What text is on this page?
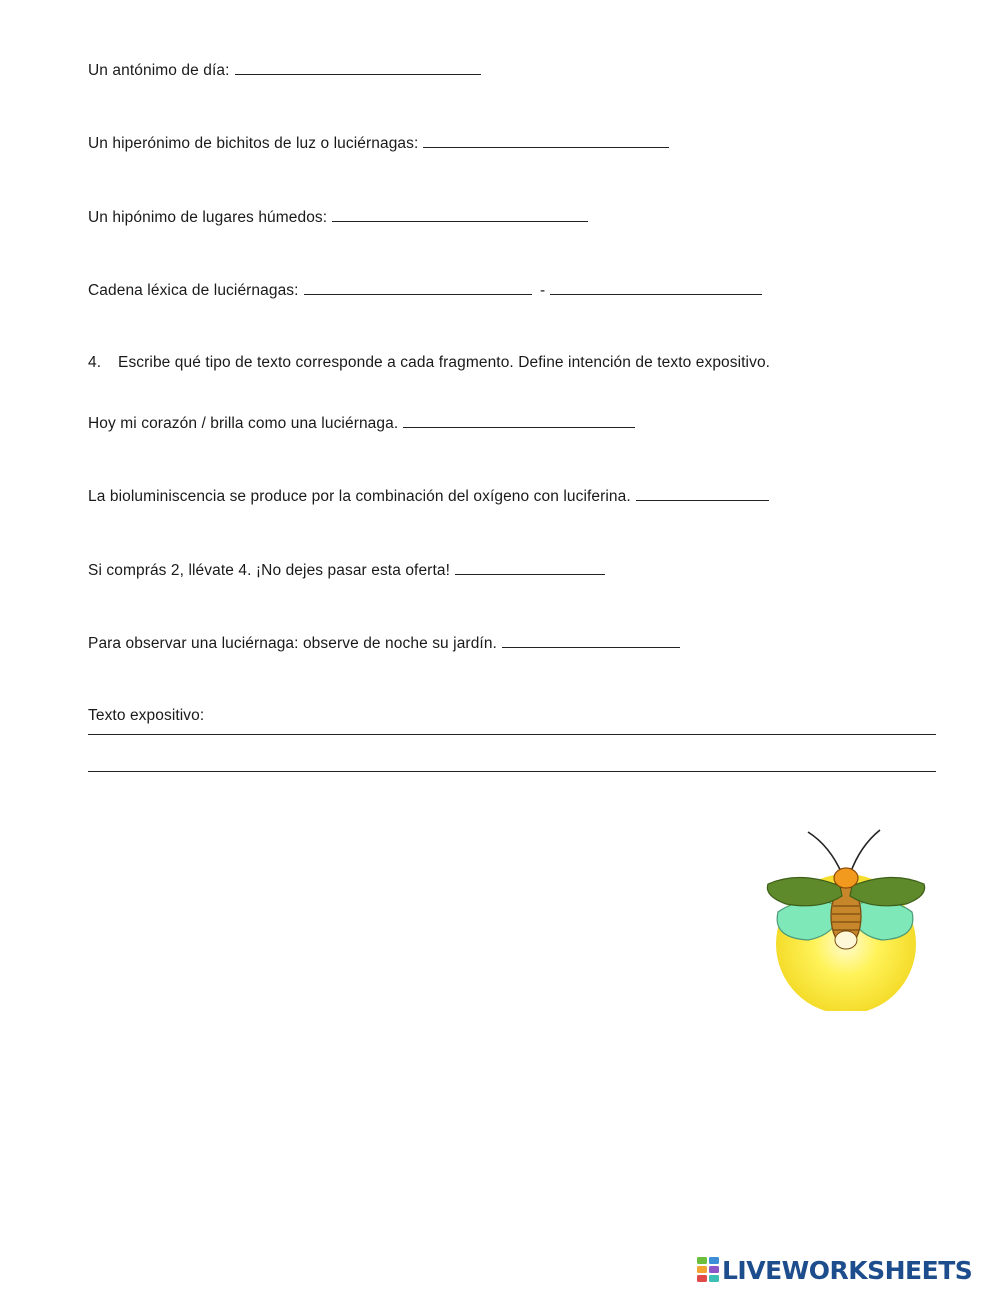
Un antónimo de día:
Un hiperónimo de bichitos de luz o luciérnagas:
Un hipónimo de lugares húmedos:
Cadena léxica de luciérnagas:	-
4. Escribe qué tipo de texto corresponde a cada fragmento. Define intención de texto expositivo.
Hoy mi corazón / brilla como una luciérnaga.
La bioluminiscencia se produce por la combinación del oxígeno con luciferina.
Si comprás 2, llévate 4. ¡No dejes pasar esta oferta!
Para observar una luciérnaga: observe de noche su jardín.
Texto expositivo:
LIVEWORKSHEETS
